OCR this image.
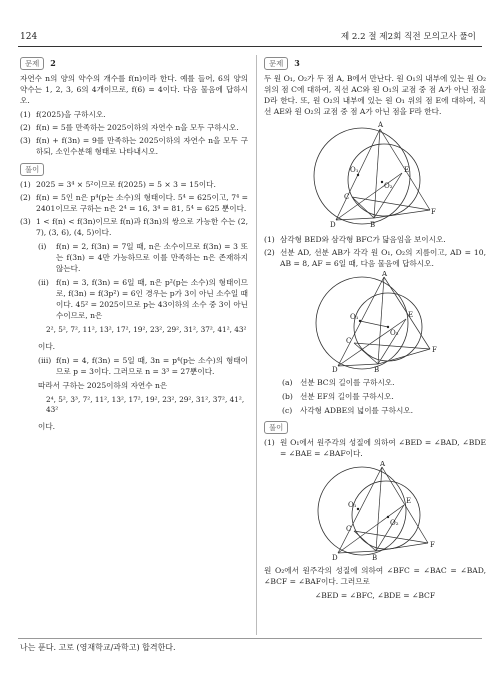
124	제 2.2 절 제2회 직전 모의고사 풀이
문제	2
자연수 n의 양의 약수의 개수를 f(n)이라 한다. 예를 들어, 6의 양의 약수는 1, 2, 3, 6의 4개이므로, f(6) = 4이다. 다음 물음에 답하시오.
(1) f(2025)을 구하시오.
(2) f(n) = 5를 만족하는 2025이하의 자연수 n을 모두 구하시오.
(3) f(n) + f(3n) = 9를 만족하는 2025이하의 자연수 n을 모두 구하되, 소인수분해 형태로 나타내시오.
풀이
(1) 2025 = 3⁴ × 5²이므로 f(2025) = 5 × 3 = 15이다.
(2) f(n) = 5인 n은 p⁴(p는 소수)의 형태이다. 5⁴ = 625이고, 7⁴ = 2401이므로 구하는 n은 2⁴ = 16, 3⁴ = 81, 5⁴ = 625 뿐이다.
(3) 1 < f(n) < f(3n)이므로 f(n)과 f(3n)의 쌍으로 가능한 수는 (2, 7), (3, 6), (4, 5)이다.
(i)	f(n) = 2, f(3n) = 7일 때, n은 소수이므로 f(3n) = 3 또는 f(3n) = 4만 가능하므로 이를 만족하는 n은 존재하지 않는다.
(ii) f(n) = 3, f(3n) = 6일 때, n은 p²(p는 소수)의 형태이므로, f(3n) = f(3p²) = 6인 경우는 p가 3이 아닌 소수일 때이다. 45² = 2025이므로 p는 43이하의 소수 중 3이 아닌 수이므로, n은
2², 5², 7², 11², 13², 17², 19², 23², 29², 31², 37², 41², 43²
이다.
(iii) f(n) = 4, f(3n) = 5일 때, 3n = p⁴(p는 소수)의 형태이므로 p = 3이다. 그러므로 n = 3³ = 27뿐이다.
따라서 구하는 2025이하의 자연수 n은
2⁴, 5², 3³, 7², 11², 13², 17², 19², 23², 29², 31², 37², 41², 43²
이다.
문제	3
두 원 O₁, O₂가 두 점 A, B에서 만난다. 원 O₁의 내부에 있는 원 O₂ 위의 점 C에 대하여, 직선 AC와 원 O₁의 교점 중 점 A가 아닌 점을 D라 한다. 또, 원 O₂의 내부에 있는 원 O₁ 위의 점 E에 대하여, 직선 AE와 원 O₂의 교점 중 점 A가 아닌 점을 F라 한다.
A
E
C
F
D	B
O₁
O₂
(1) 삼각형 BED와 삼각형 BFC가 닮음임을 보이시오.
(2) 선분 AD, 선분 AB가 각각 원 O₁, O₂의 지름이고, AD = 10, AB = 8, AF = 6일 때, 다음 물음에 답하시오.
A
E
C
F
D	B
O₁
O₂
(a) 선분 BC의 길이를 구하시오.
(b) 선분 EF의 길이를 구하시오.
(c)	사각형 ADBE의 넓이를 구하시오.
풀이
(1) 원 O₁에서 원주각의 성질에 의하여 ∠BED = ∠BAD, ∠BDE = ∠BAE = ∠BAF이다.
A
E
C
F
D	B
O₁
O₂
원 O₂에서 원주각의 성질에 의하여 ∠BFC = ∠BAC = ∠BAD, ∠BCF = ∠BAF이다. 그러므로
∠BED = ∠BFC, ∠BDE = ∠BCF
나는 푼다. 고로 (영재학교/과학고) 합격한다.
